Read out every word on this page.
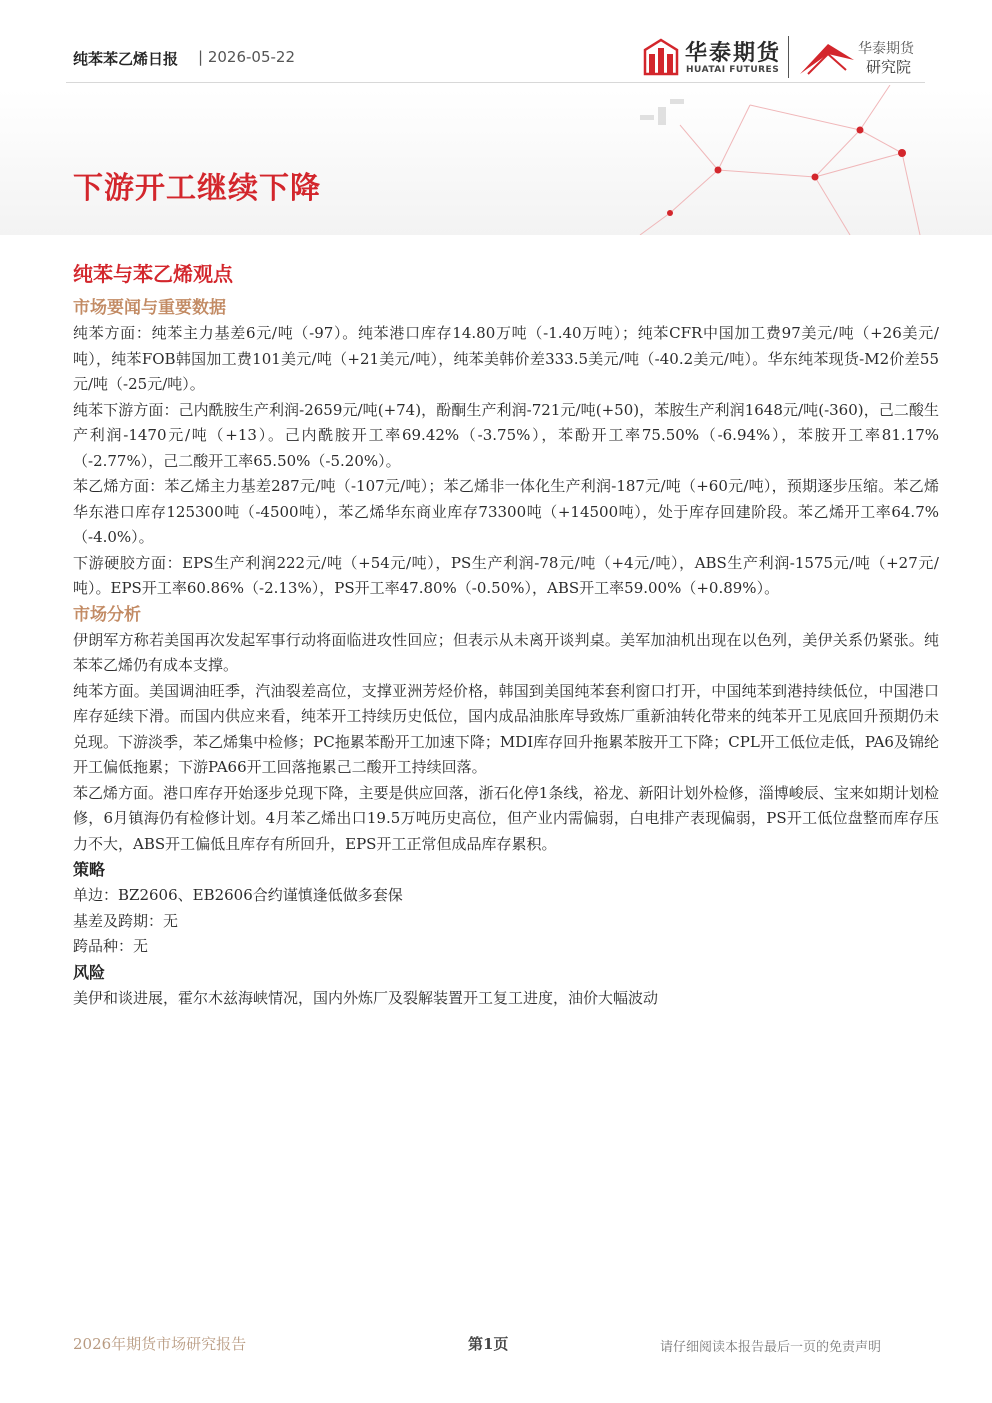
纯苯苯乙烯日报 | 2026-05-22	华泰期货
HUATAI FUTURES
华泰期货
研究院
下游开工继续下降
纯苯与苯乙烯观点
市场要闻与重要数据

纯苯方面：纯苯主力基差6元/吨（-97）。纯苯港口库存14.80万吨（-1.40万吨）；纯苯CFR中国加工费97美元/吨（+26美元/吨），纯苯FOB韩国加工费101美元/吨（+21美元/吨），纯苯美韩价差333.5美元/吨（-40.2美元/吨）。华东纯苯现货-M2价差55元/吨（-25元/吨）。

纯苯下游方面：己内酰胺生产利润-2659元/吨(+74)，酚酮生产利润-721元/吨(+50)，苯胺生产利润1648元/吨(-360)，己二酸生产利润-1470元/吨（+13）。己内酰胺开工率69.42%（-3.75%），苯酚开工率75.50%（-6.94%），苯胺开工率81.17%（-2.77%），己二酸开工率65.50%（-5.20%）。

苯乙烯方面：苯乙烯主力基差287元/吨（-107元/吨）；苯乙烯非一体化生产利润-187元/吨（+60元/吨），预期逐步压缩。苯乙烯华东港口库存125300吨（-4500吨），苯乙烯华东商业库存73300吨（+14500吨），处于库存回建阶段。苯乙烯开工率64.7%（-4.0%）。

下游硬胶方面：EPS生产利润222元/吨（+54元/吨），PS生产利润-78元/吨（+4元/吨），ABS生产利润-1575元/吨（+27元/吨）。EPS开工率60.86%（-2.13%），PS开工率47.80%（-0.50%），ABS开工率59.00%（+0.89%）。

市场分析

伊朗军方称若美国再次发起军事行动将面临进攻性回应；但表示从未离开谈判桌。美军加油机出现在以色列，美伊关系仍紧张。纯苯苯乙烯仍有成本支撑。

纯苯方面。美国调油旺季，汽油裂差高位，支撑亚洲芳烃价格，韩国到美国纯苯套利窗口打开，中国纯苯到港持续低位，中国港口库存延续下滑。而国内供应来看，纯苯开工持续历史低位，国内成品油胀库导致炼厂重新油转化带来的纯苯开工见底回升预期仍未兑现。下游淡季，苯乙烯集中检修；PC拖累苯酚开工加速下降；MDI库存回升拖累苯胺开工下降；CPL开工低位走低，PA6及锦纶开工偏低拖累；下游PA66开工回落拖累己二酸开工持续回落。

苯乙烯方面。港口库存开始逐步兑现下降，主要是供应回落，浙石化停1条线，裕龙、新阳计划外检修，淄博峻辰、宝来如期计划检修，6月镇海仍有检修计划。4月苯乙烯出口19.5万吨历史高位，但产业内需偏弱，白电排产表现偏弱，PS开工低位盘整而库存压力不大，ABS开工偏低且库存有所回升，EPS开工正常但成品库存累积。

策略

单边：BZ2606、EB2606合约谨慎逢低做多套保

基差及跨期：无

跨品种：无

风险

美伊和谈进展，霍尔木兹海峡情况，国内外炼厂及裂解装置开工复工进度，油价大幅波动

2026年期货市场研究报告	第1页	请仔细阅读本报告最后一页的免责声明
